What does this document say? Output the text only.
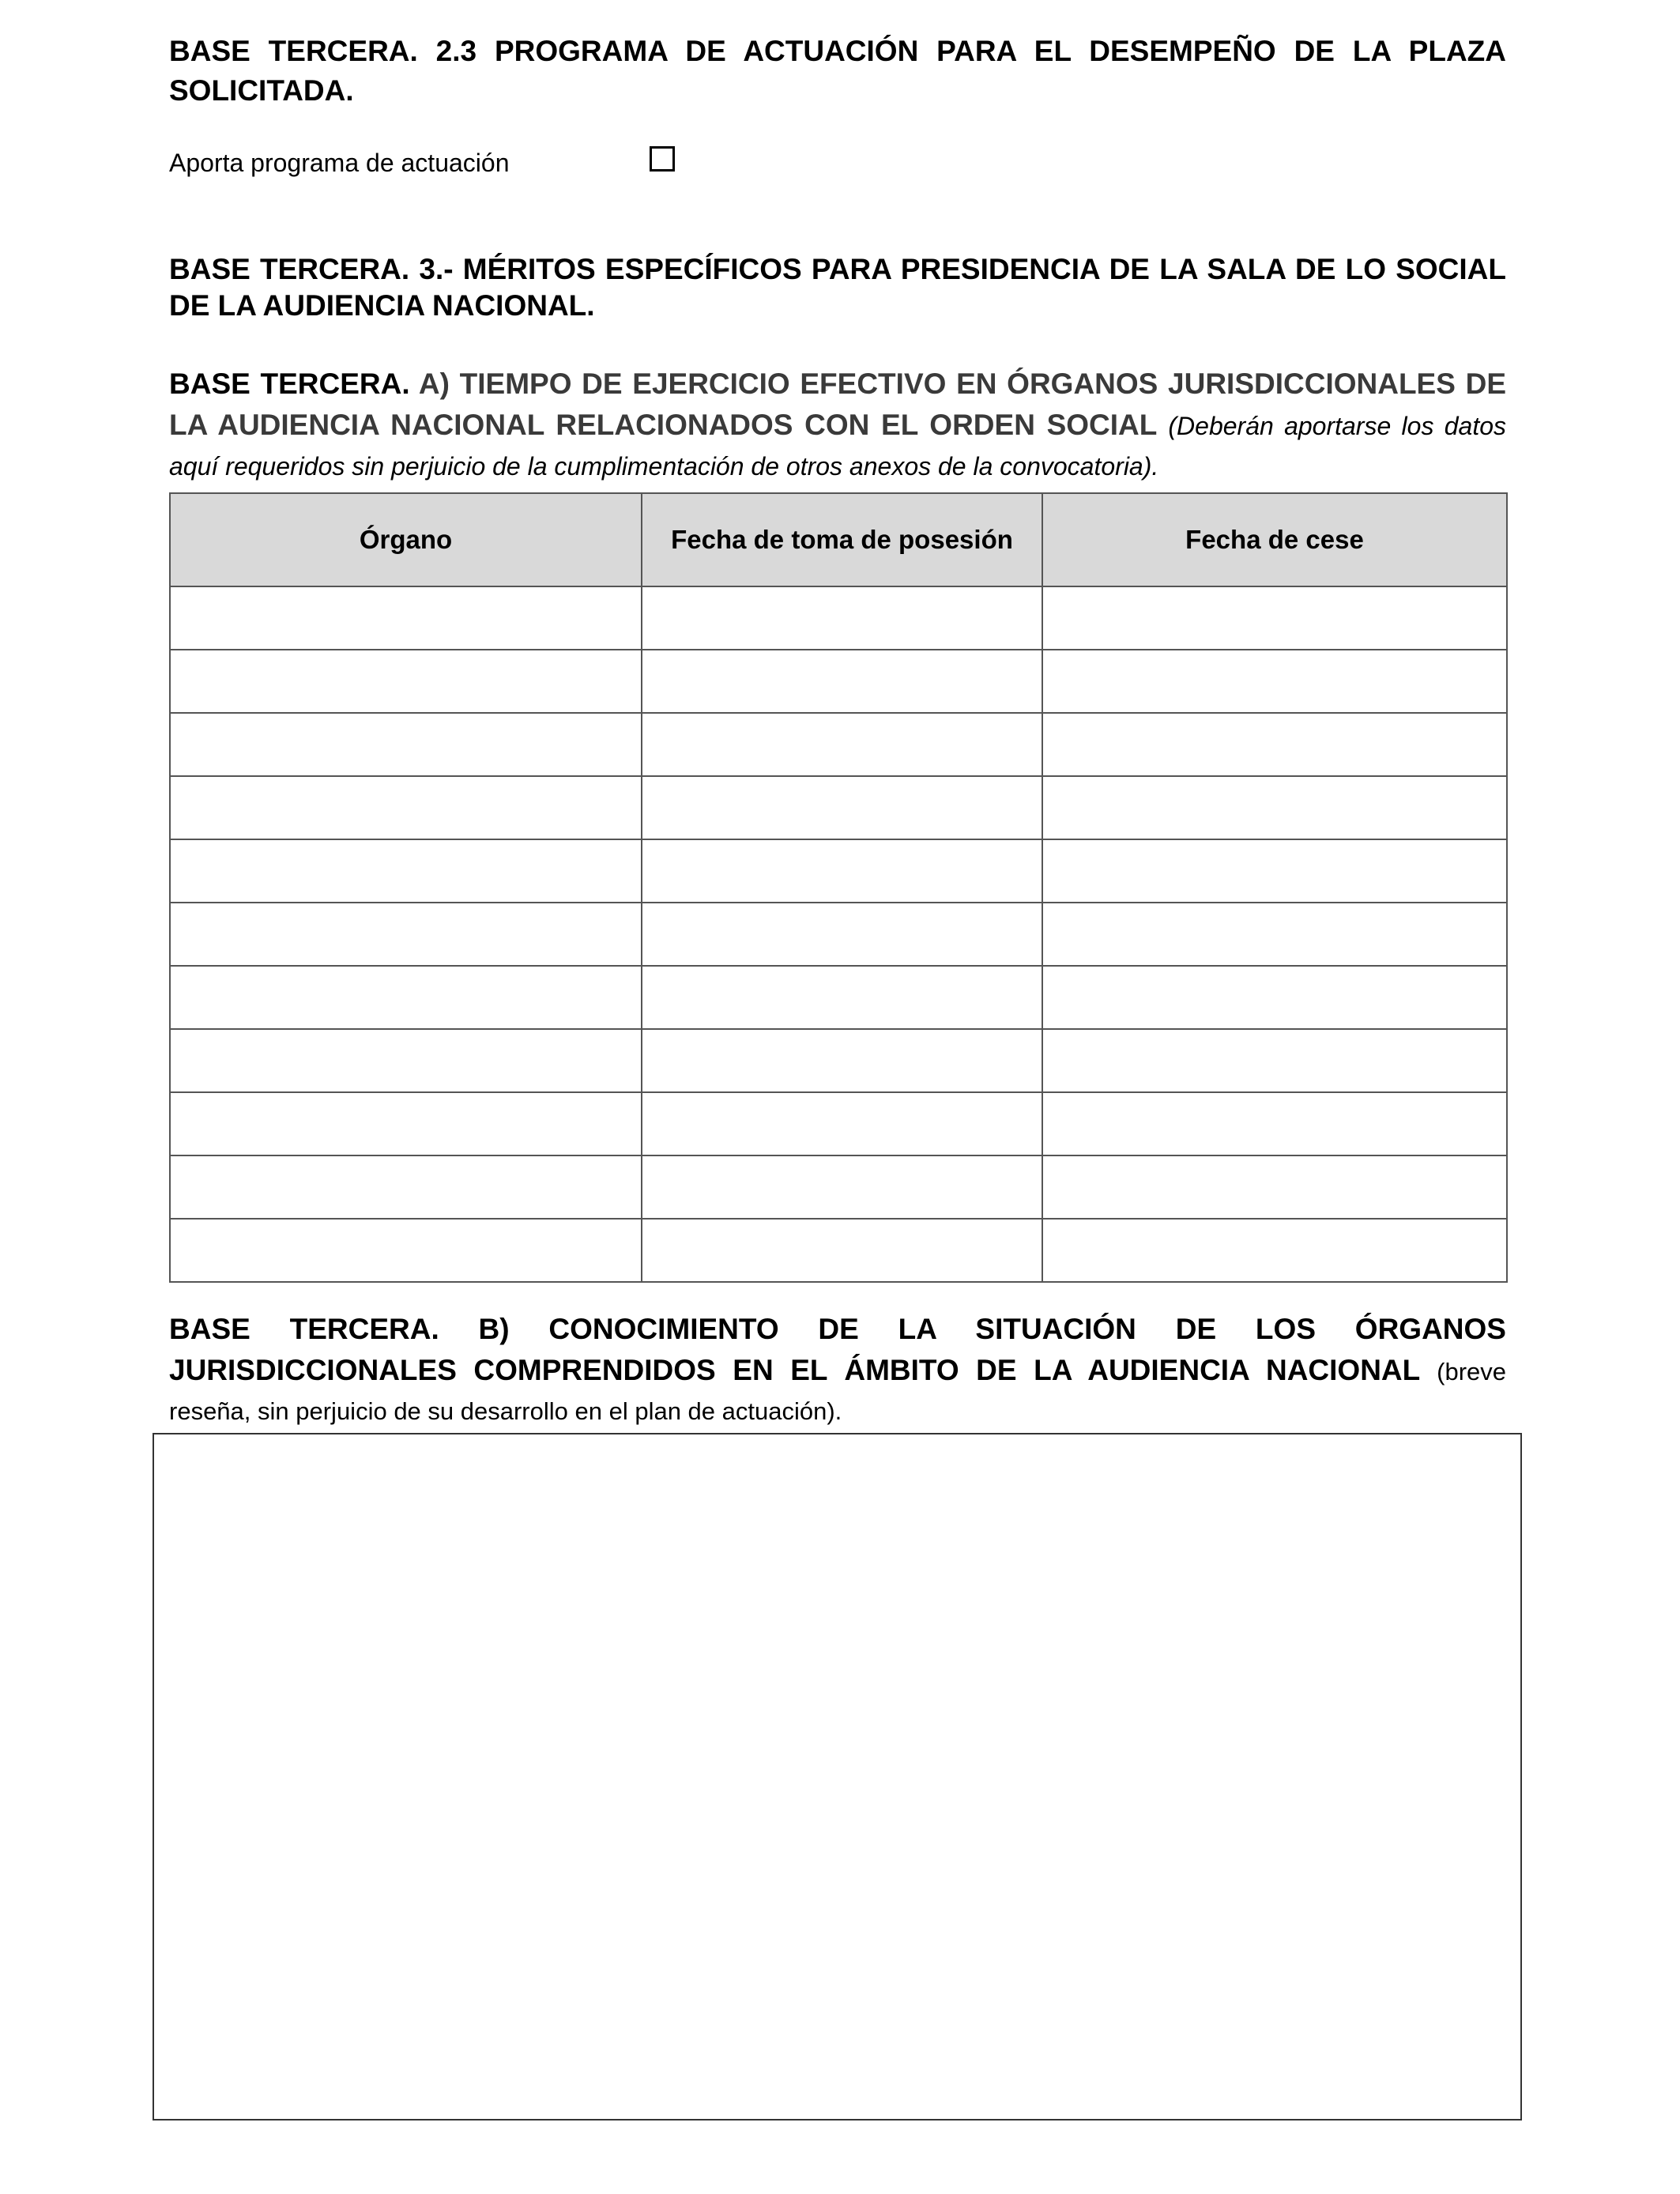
BASE TERCERA. 2.3 PROGRAMA DE ACTUACIÓN PARA EL DESEMPEÑO DE LA PLAZA SOLICITADA.
Aporta programa de actuación
BASE TERCERA. 3.- MÉRITOS ESPECÍFICOS PARA PRESIDENCIA DE LA SALA DE LO SOCIAL DE LA AUDIENCIA NACIONAL.
BASE TERCERA. A) TIEMPO DE EJERCICIO EFECTIVO EN ÓRGANOS JURISDICCIONALES DE LA AUDIENCIA NACIONAL RELACIONADOS CON EL ORDEN SOCIAL (Deberán aportarse los datos aquí requeridos sin perjuicio de la cumplimentación de otros anexos de la convocatoria).
Órgano	Fecha de toma de posesión	Fecha de cese

BASE TERCERA. B) CONOCIMIENTO DE LA SITUACIÓN DE LOS ÓRGANOS JURISDICCIONALES COMPRENDIDOS EN EL ÁMBITO DE LA AUDIENCIA NACIONAL (breve reseña, sin perjuicio de su desarrollo en el plan de actuación).
